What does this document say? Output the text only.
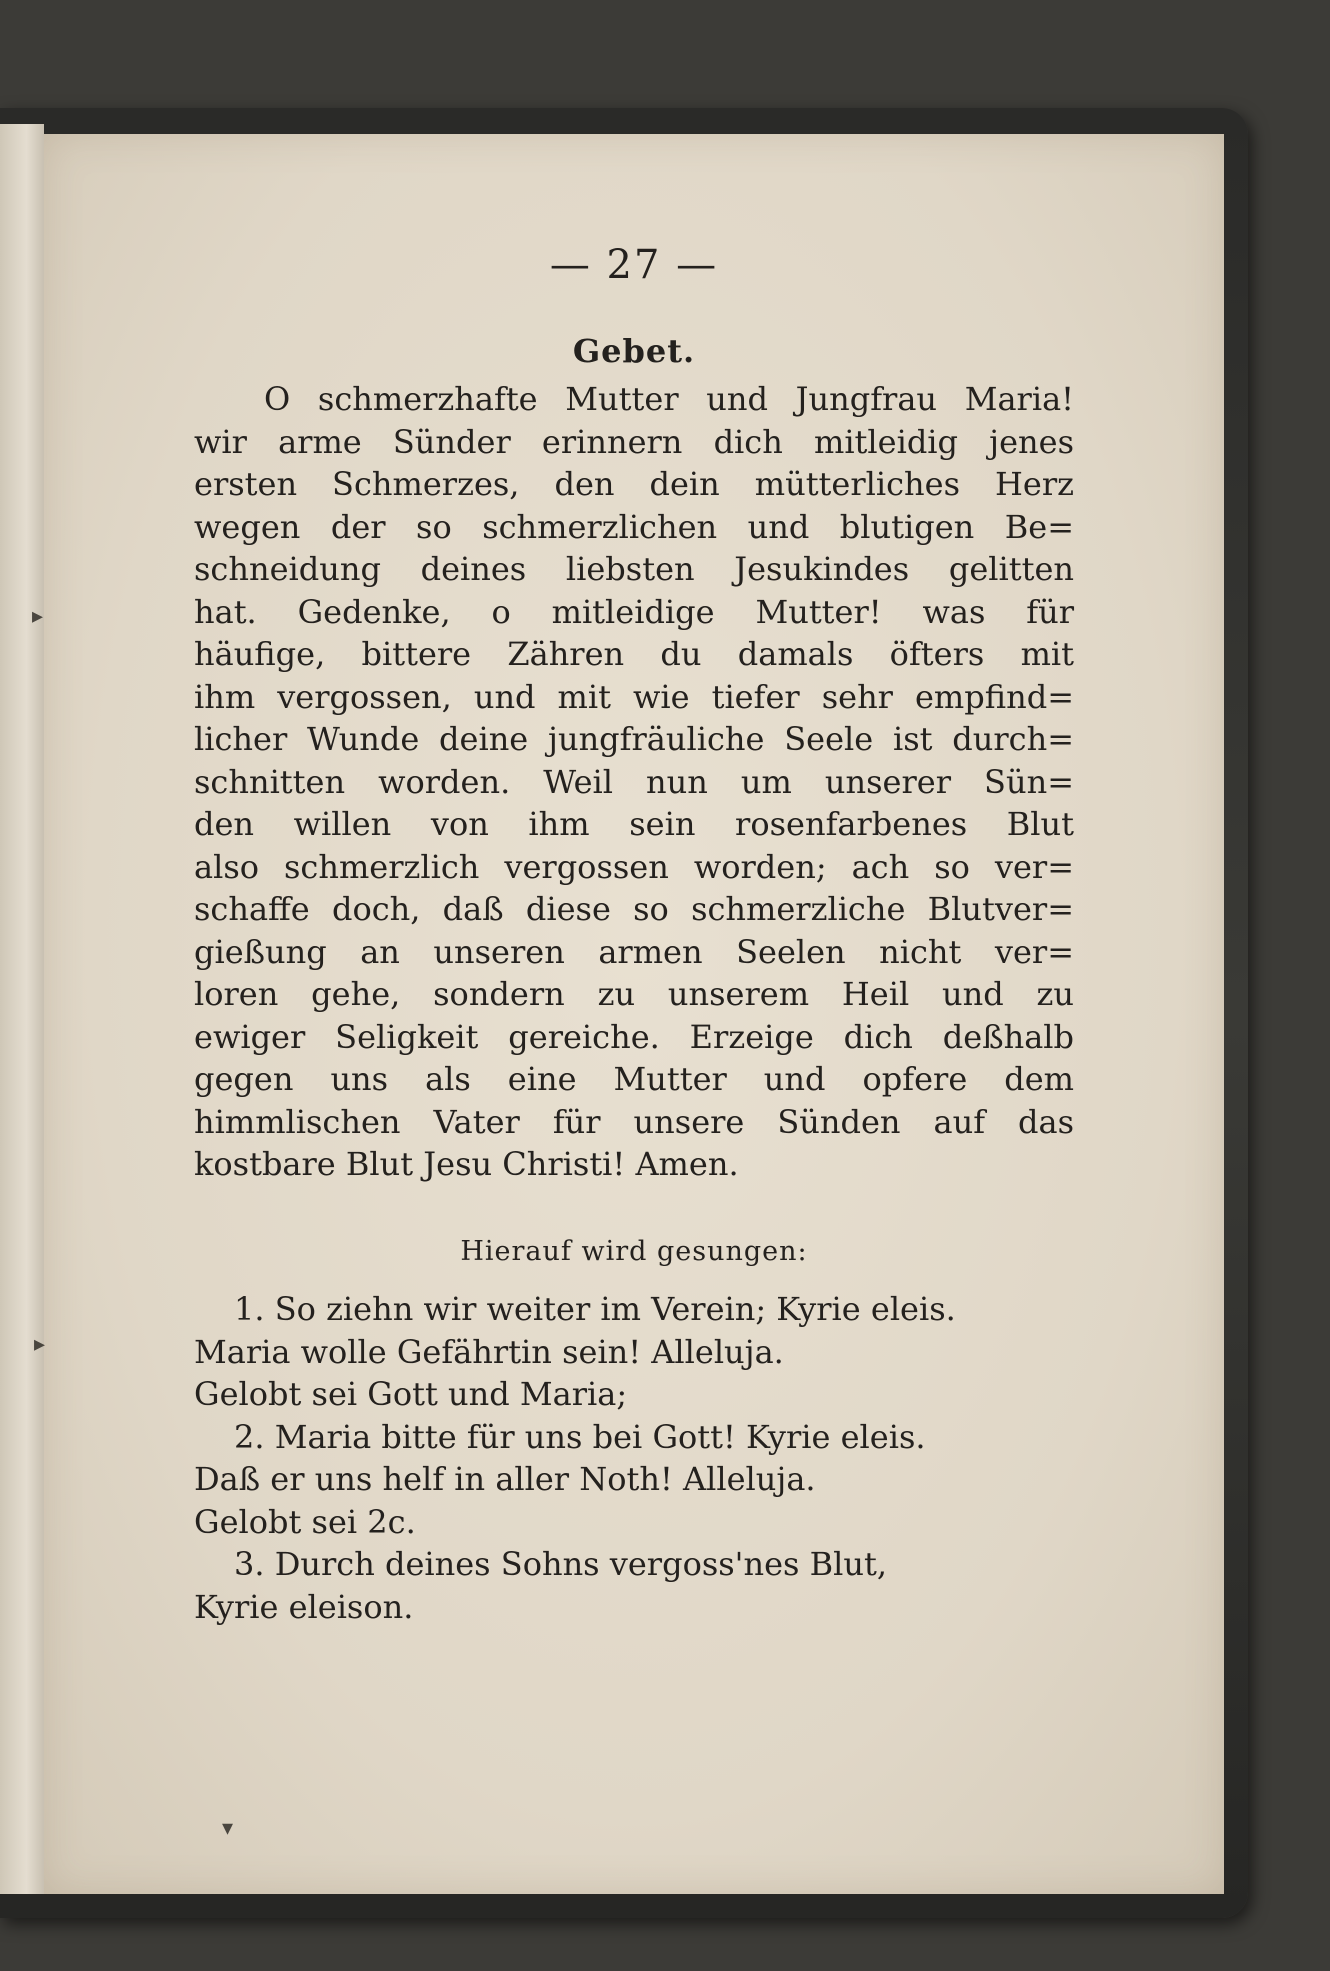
▸
▸
▾
— 27 —
Gebet.
O schmerzhafte Mutter und Jungfrau Maria!
wir arme Sünder erinnern dich mitleidig jenes
ersten Schmerzes, den dein mütterliches Herz
wegen der so schmerzlichen und blutigen Be=
schneidung deines liebsten Jesukindes gelitten
hat. Gedenke, o mitleidige Mutter! was für
häufige, bittere Zähren du damals öfters mit
ihm vergossen, und mit wie tiefer sehr empfind=
licher Wunde deine jungfräuliche Seele ist durch=
schnitten worden. Weil nun um unserer Sün=
den willen von ihm sein rosenfarbenes Blut
also schmerzlich vergossen worden; ach so ver=
schaffe doch, daß diese so schmerzliche Blutver=
gießung an unseren armen Seelen nicht ver=
loren gehe, sondern zu unserem Heil und zu
ewiger Seligkeit gereiche. Erzeige dich deßhalb
gegen uns als eine Mutter und opfere dem
himmlischen Vater für unsere Sünden auf das
kostbare Blut Jesu Christi! Amen.
Hierauf wird gesungen:
1. So ziehn wir weiter im Verein; Kyrie eleis.
Maria wolle Gefährtin sein! Alleluja.
Gelobt sei Gott und Maria;
2. Maria bitte für uns bei Gott! Kyrie eleis.
Daß er uns helf in aller Noth! Alleluja.
Gelobt sei 2c.
3. Durch deines Sohns vergoss'nes Blut,
Kyrie eleison.
